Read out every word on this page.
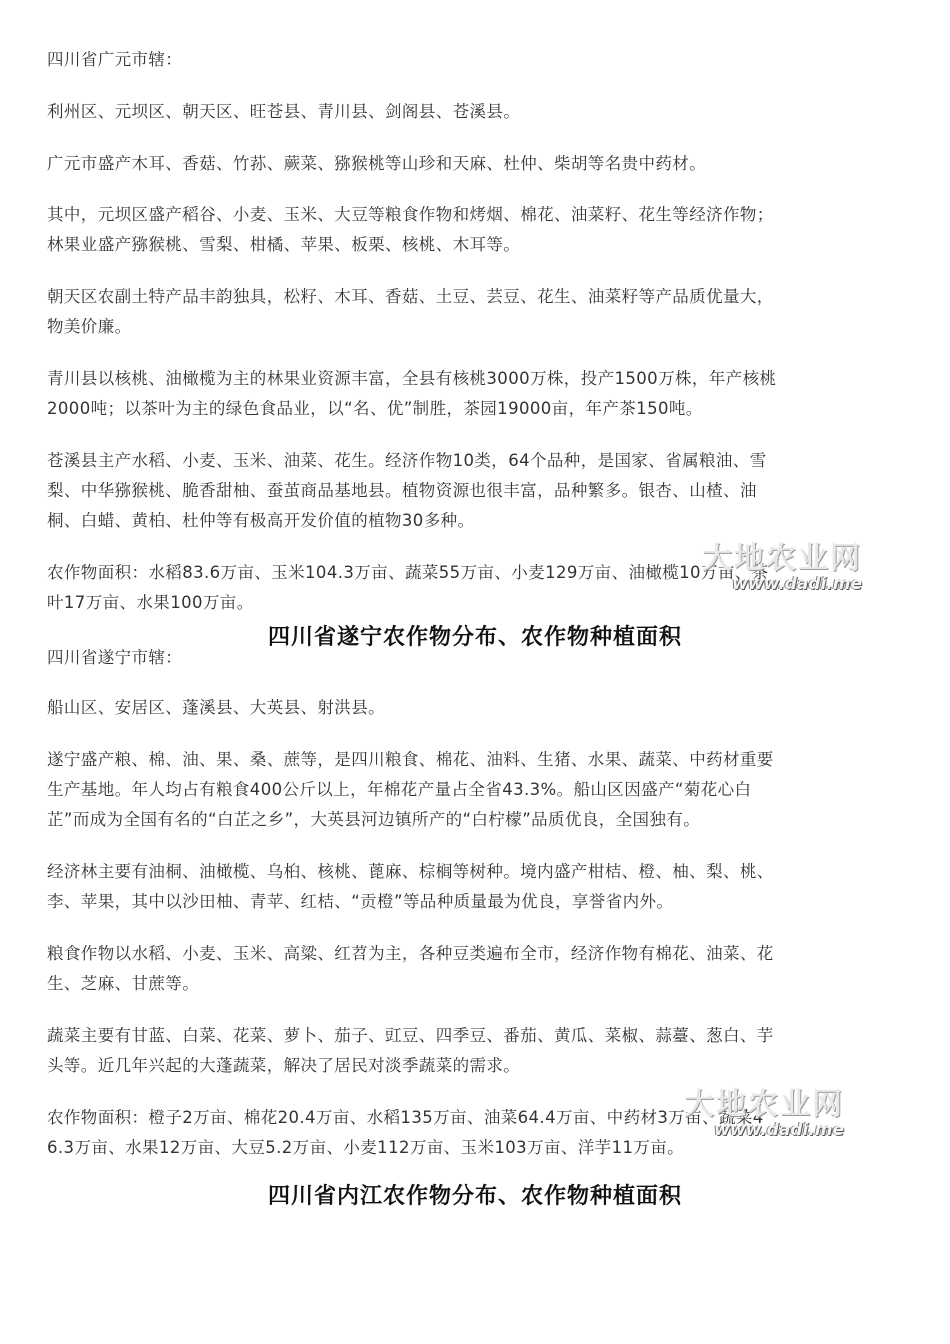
四川省广元市辖：

利州区、元坝区、朝天区、旺苍县、青川县、剑阁县、苍溪县。

广元市盛产木耳、香菇、竹荪、蕨菜、猕猴桃等山珍和天麻、杜仲、柴胡等名贵中药材。

其中，元坝区盛产稻谷、小麦、玉米、大豆等粮食作物和烤烟、棉花、油菜籽、花生等经济作物；
林果业盛产猕猴桃、雪梨、柑橘、苹果、板栗、核桃、木耳等。

朝天区农副土特产品丰韵独具，松籽、木耳、香菇、土豆、芸豆、花生、油菜籽等产品质优量大，
物美价廉。

青川县以核桃、油橄榄为主的林果业资源丰富，全县有核桃3000万株，投产1500万株，年产核桃
2000吨；以茶叶为主的绿色食品业，以“名、优”制胜，茶园19000亩，年产茶150吨。

苍溪县主产水稻、小麦、玉米、油菜、花生。经济作物10类，64个品种，是国家、省属粮油、雪
梨、中华猕猴桃、脆香甜柚、蚕茧商品基地县。植物资源也很丰富，品种繁多。银杏、山楂、油
桐、白蜡、黄柏、杜仲等有极高开发价值的植物30多种。

农作物面积：水稻83.6万亩、玉米104.3万亩、蔬菜55万亩、小麦129万亩、油橄榄10万亩、茶
叶17万亩、水果100万亩。

大地农业网
www.dadi.me
四川省遂宁农作物分布、农作物种植面积

四川省遂宁市辖：

船山区、安居区、蓬溪县、大英县、射洪县。

遂宁盛产粮、棉、油、果、桑、蔗等，是四川粮食、棉花、油料、生猪、水果、蔬菜、中药材重要
生产基地。年人均占有粮食400公斤以上，年棉花产量占全省43.3%。船山区因盛产“菊花心白
芷”而成为全国有名的“白芷之乡”，大英县河边镇所产的“白柠檬”品质优良，全国独有。

经济林主要有油桐、油橄榄、乌桕、核桃、蓖麻、棕榈等树种。境内盛产柑桔、橙、柚、梨、桃、
李、苹果，其中以沙田柚、青苹、红桔、“贡橙”等品种质量最为优良，享誉省内外。

粮食作物以水稻、小麦、玉米、高粱、红苕为主，各种豆类遍布全市，经济作物有棉花、油菜、花
生、芝麻、甘蔗等。

蔬菜主要有甘蓝、白菜、花菜、萝卜、茄子、豇豆、四季豆、番茄、黄瓜、菜椒、蒜薹、葱白、芋
头等。近几年兴起的大蓬蔬菜，解决了居民对淡季蔬菜的需求。

农作物面积：橙子2万亩、棉花20.4万亩、水稻135万亩、油菜64.4万亩、中药材3万亩、蔬菜4
6.3万亩、水果12万亩、大豆5.2万亩、小麦112万亩、玉米103万亩、洋芋11万亩。

大地农业网
www.dadi.me
四川省内江农作物分布、农作物种植面积
